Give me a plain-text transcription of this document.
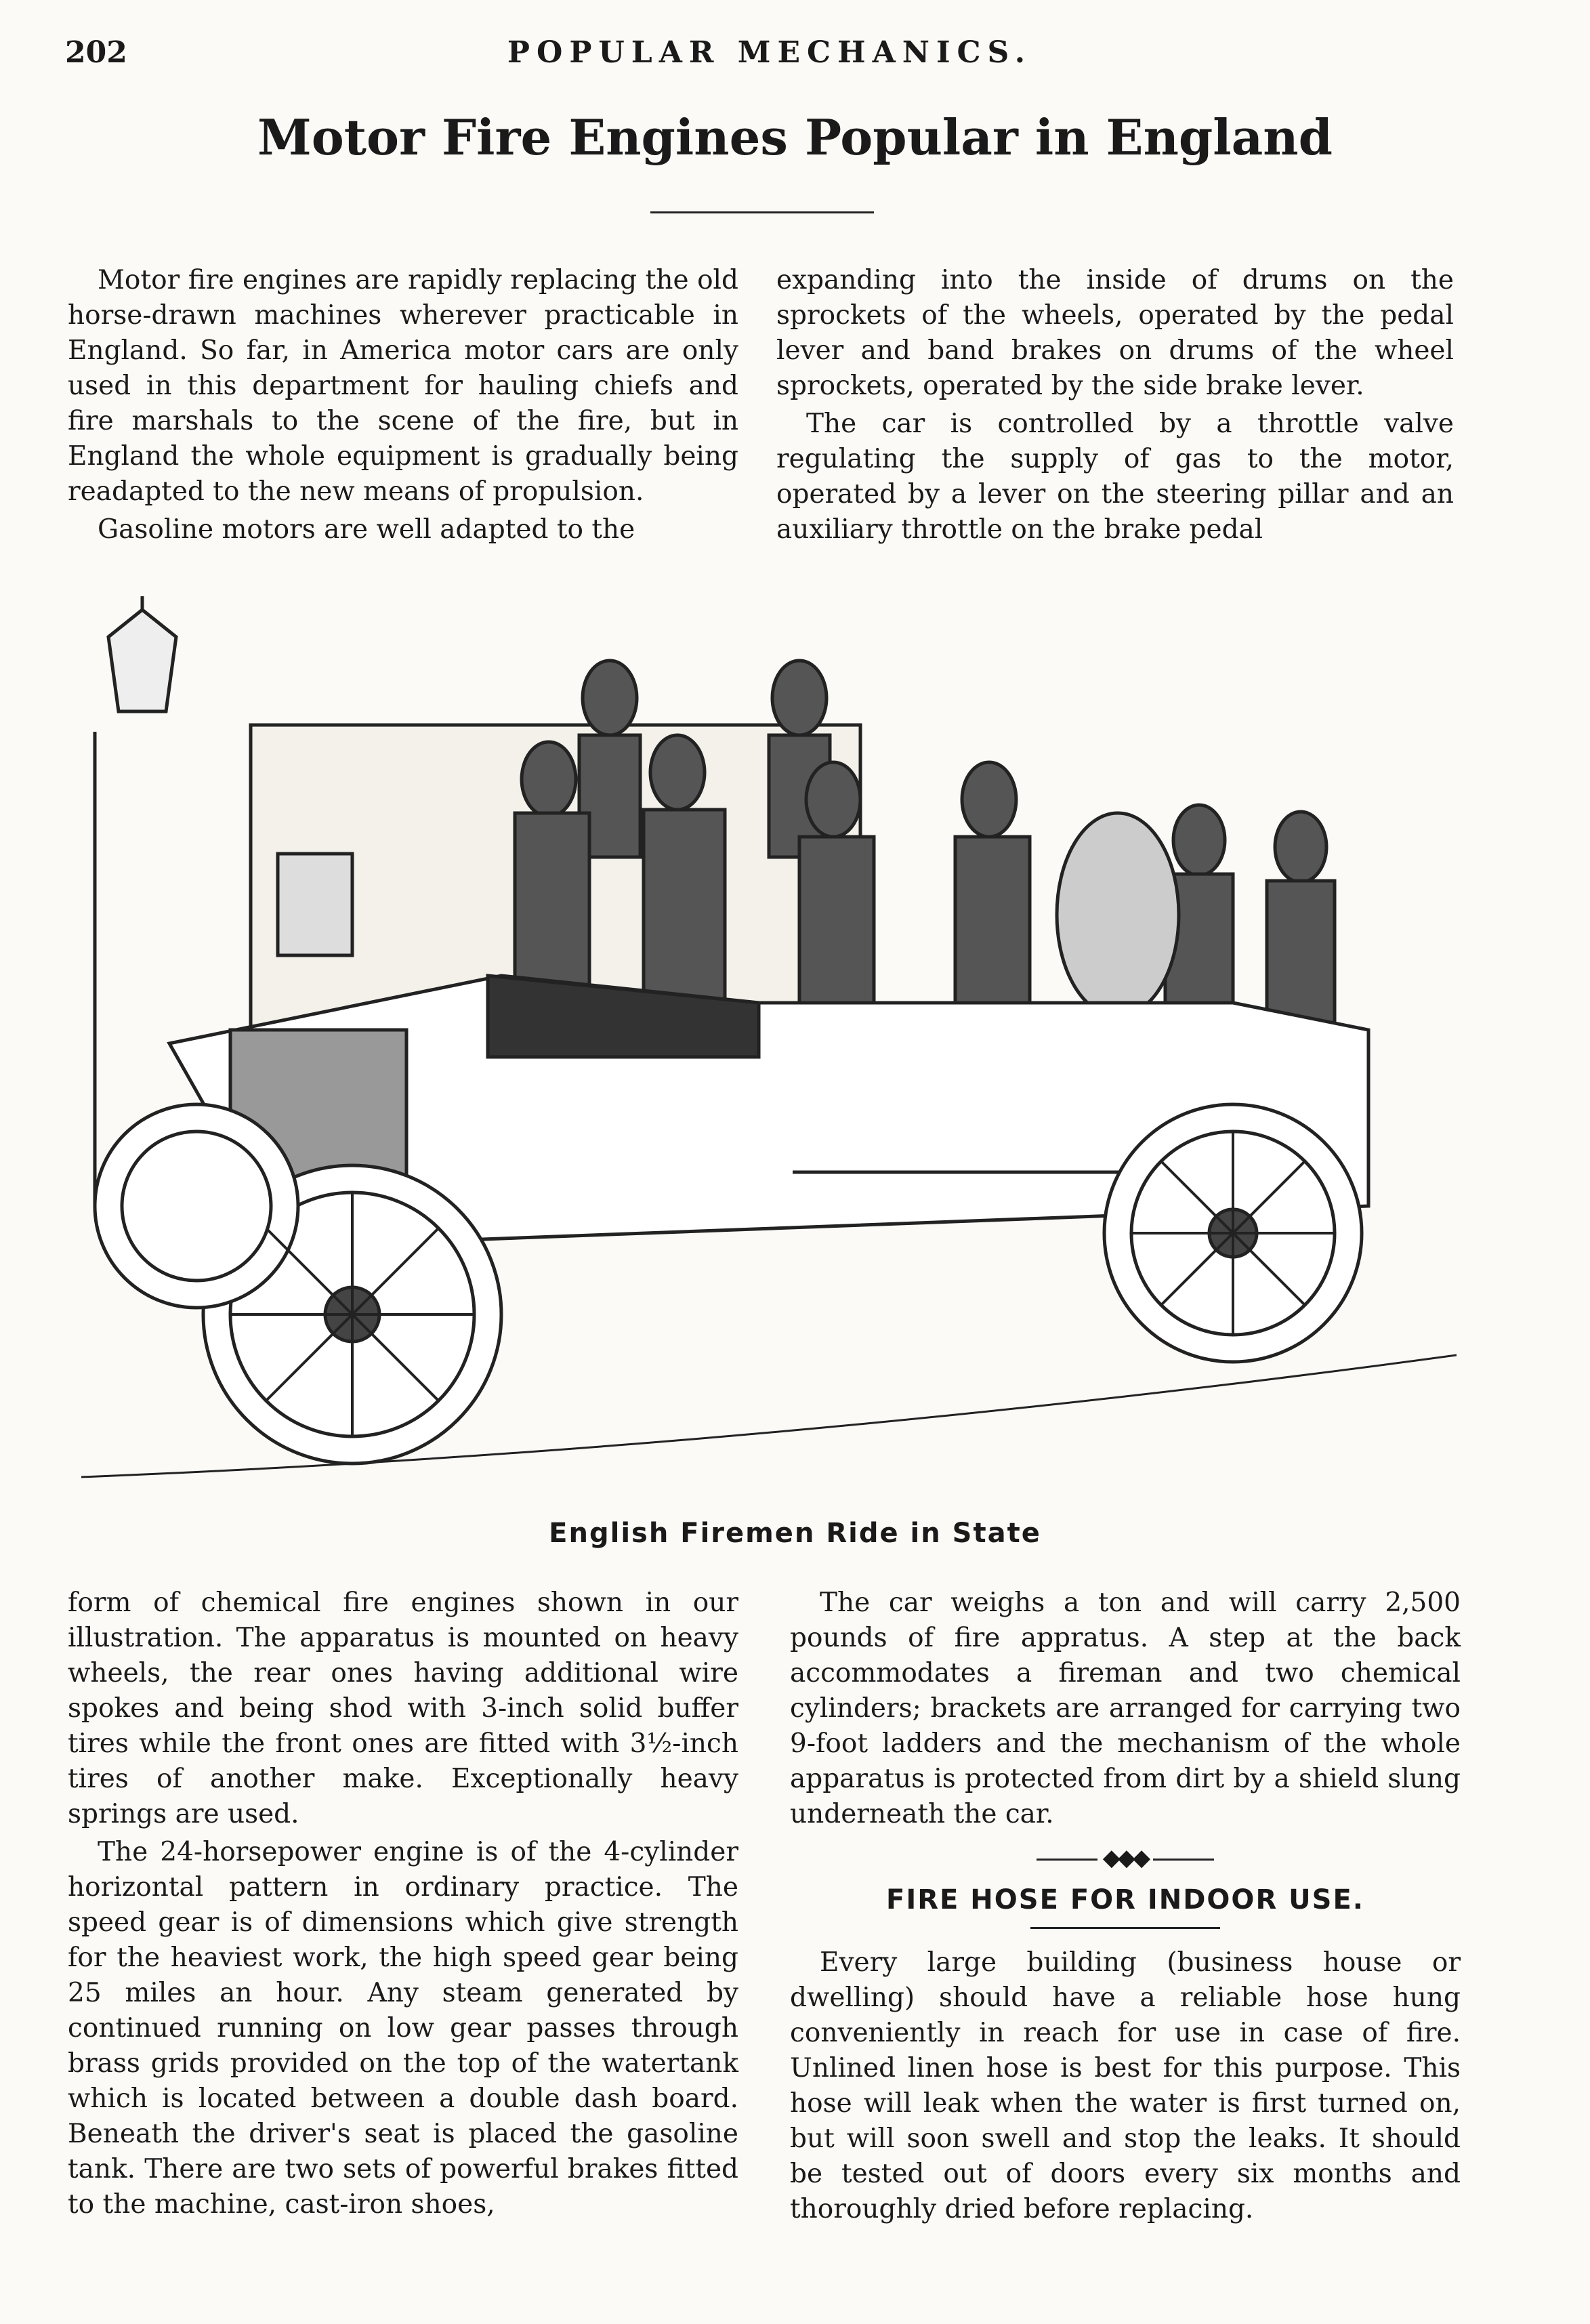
202	POPULAR MECHANICS.
Motor Fire Engines Popular in England

Motor fire engines are rapidly replacing the old horse-drawn machines wherever practicable in England. So far, in America motor cars are only used in this department for hauling chiefs and fire marshals to the scene of the fire, but in England the whole equipment is gradually being readapted to the new means of propulsion.

Gasoline motors are well adapted to the

expanding into the inside of drums on the sprockets of the wheels, operated by the pedal lever and band brakes on drums of the wheel sprockets, operated by the side brake lever.

The car is controlled by a throttle valve regulating the supply of gas to the motor, operated by a lever on the steering pillar and an auxiliary throttle on the brake pedal

English Firemen Ride in State

form of chemical fire engines shown in our illustration. The apparatus is mounted on heavy wheels, the rear ones having additional wire spokes and being shod with 3-inch solid buffer tires while the front ones are fitted with 3½-inch tires of another make. Exceptionally heavy springs are used.

The 24-horsepower engine is of the 4-cylinder horizontal pattern in ordinary practice. The speed gear is of dimensions which give strength for the heaviest work, the high speed gear being 25 miles an hour. Any steam generated by continued running on low gear passes through brass grids provided on the top of the watertank which is located between a double dash board. Beneath the driver's seat is placed the gasoline tank. There are two sets of powerful brakes fitted to the machine, cast-iron shoes,

The car weighs a ton and will carry 2,500 pounds of fire appratus. A step at the back accommodates a fireman and two chemical cylinders; brackets are arranged for carrying two 9-foot ladders and the mechanism of the whole apparatus is protected from dirt by a shield slung underneath the car.

◆◆◆
FIRE HOSE FOR INDOOR USE.

Every large building (business house or dwelling) should have a reliable hose hung conveniently in reach for use in case of fire. Unlined linen hose is best for this purpose. This hose will leak when the water is first turned on, but will soon swell and stop the leaks. It should be tested out of doors every six months and thoroughly dried before replacing.
